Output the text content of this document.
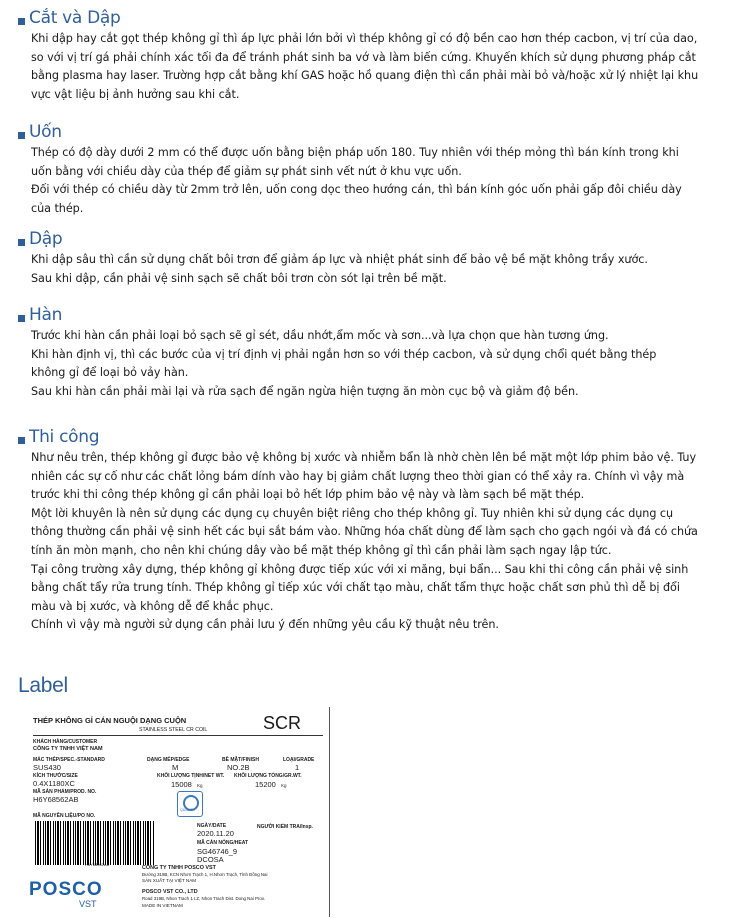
Cắt và Dập
Khi dập hay cắt gọt thép không gỉ thì áp lực phải lớn bởi vì thép không gỉ có độ bền cao hơn thép cacbon, vị trí của dao,
so với vị trí gá phải chính xác tối đa để tránh phát sinh ba vớ và làm biến cứng. Khuyến khích sử dụng phương pháp cắt
bằng plasma hay laser. Trường hợp cắt bằng khí GAS hoặc hồ quang điện thì cần phải mài bỏ và/hoặc xử lý nhiệt lại khu
vực vật liệu bị ảnh hưởng sau khi cắt.
Uốn
Thép có độ dày dưới 2 mm có thể được uốn bằng biện pháp uốn 180. Tuy nhiên với thép mỏng thì bán kính trong khi
uốn bằng với chiều dày của thép để giảm sự phát sinh vết nứt ở khu vực uốn.
Đối với thép có chiều dày từ 2mm trở lên, uốn cong dọc theo hướng cán, thì bán kính góc uốn phải gấp đôi chiều dày
của thép.
Dập
Khi dập sâu thì cần sử dụng chất bôi trơn để giảm áp lực và nhiệt phát sinh để bảo vệ bề mặt không trầy xước.
Sau khi dập, cần phải vệ sinh sạch sẽ chất bôi trơn còn sót lại trên bề mặt.
Hàn
Trước khi hàn cần phải loại bỏ sạch sẽ gỉ sét, dầu nhớt,ẩm mốc và sơn...và lựa chọn que hàn tương ứng.
Khi hàn định vị, thì các bước của vị trí định vị phải ngắn hơn so với thép cacbon, và sử dụng chổi quét bằng thép
không gỉ để loại bỏ vảy hàn.
Sau khi hàn cần phải mài lại và rửa sạch để ngăn ngừa hiện tượng ăn mòn cục bộ và giảm độ bền.
Thi công
Như nêu trên, thép không gỉ được bảo vệ không bị xước và nhiễm bẩn là nhờ chèn lên bề mặt một lớp phim bảo vệ. Tuy
nhiên các sự cố như các chất lỏng bám dính vào hay bị giảm chất lượng theo thời gian có thể xảy ra. Chính vì vậy mà
trước khi thi công thép không gỉ cần phải loại bỏ hết lớp phim bảo vệ này và làm sạch bề mặt thép.
Một lời khuyên là nên sử dụng các dụng cụ chuyên biệt riêng cho thép không gỉ. Tuy nhiên khi sử dụng các dụng cụ
thông thường cần phải vệ sinh hết các bụi sắt bám vào. Những hóa chất dùng để làm sạch cho gạch ngói và đá có chứa
tính ăn mòn mạnh, cho nên khi chúng dây vào bề mặt thép không gỉ thì cần phải làm sạch ngay lập tức.
Tại công trường xây dựng, thép không gỉ không được tiếp xúc với xi măng, bụi bẩn... Sau khi thi công cần phải vệ sinh
bằng chất tẩy rửa trung tính. Thép không gỉ tiếp xúc với chất tạo màu, chất tẩm thực hoặc chất sơn phủ thì dễ bị đổi
màu và bị xước, và không dễ để khắc phục.
Chính vì vậy mà người sử dụng cần phải lưu ý đến những yêu cầu kỹ thuật nêu trên.
Label
THÉP KHÔNG GỈ CÁN NGUỘI DẠNG CUỘN
STAINLESS STEEL CR COIL	SCR
KHÁCH HÀNG/CUSTOMER
CÔNG TY TNHH VIỆT NAM
MÁC THÉP/SPEC.-STANDARD
SUS430
DẠNG MÉP/EDGE
M
BỀ MẶT/FINISH
NO.2B
LOẠI/GRADE
1
KÍCH THƯỚC/SIZE
0.4X1180XC
KHỐI LƯỢNG TỊNH/NET WT.
15008 Kg
KHỐI LƯỢNG TỔNG/GR.WT.
15200 Kg
MÃ SẢN PHẨM/PROD. NO.
H6Y68562AB
QUALITY
MÃ NGUYÊN LIỆU/PO NO.
H6Y68562AB
NGÀY/DATE
2020.11.20
NGƯỜI KIỂM TRA/Insp.
MÃ CÁN NÓNG/HEAT
SG46746_9
DCOSA
CÔNG TY TNHH POSCO VST
Đường 319B, KCN Nhơn Trạch 1, H.Nhơn Trạch, Tỉnh Đồng Nai
SẢN XUẤT TẠI VIỆT NAM
POSCO VST CO., LTD
Road 319B, Nhon Trach 1 I.Z, Nhon Trach Dist. Dong Nai Prov.
MADE IN VIETNAM
POSCO
VST
